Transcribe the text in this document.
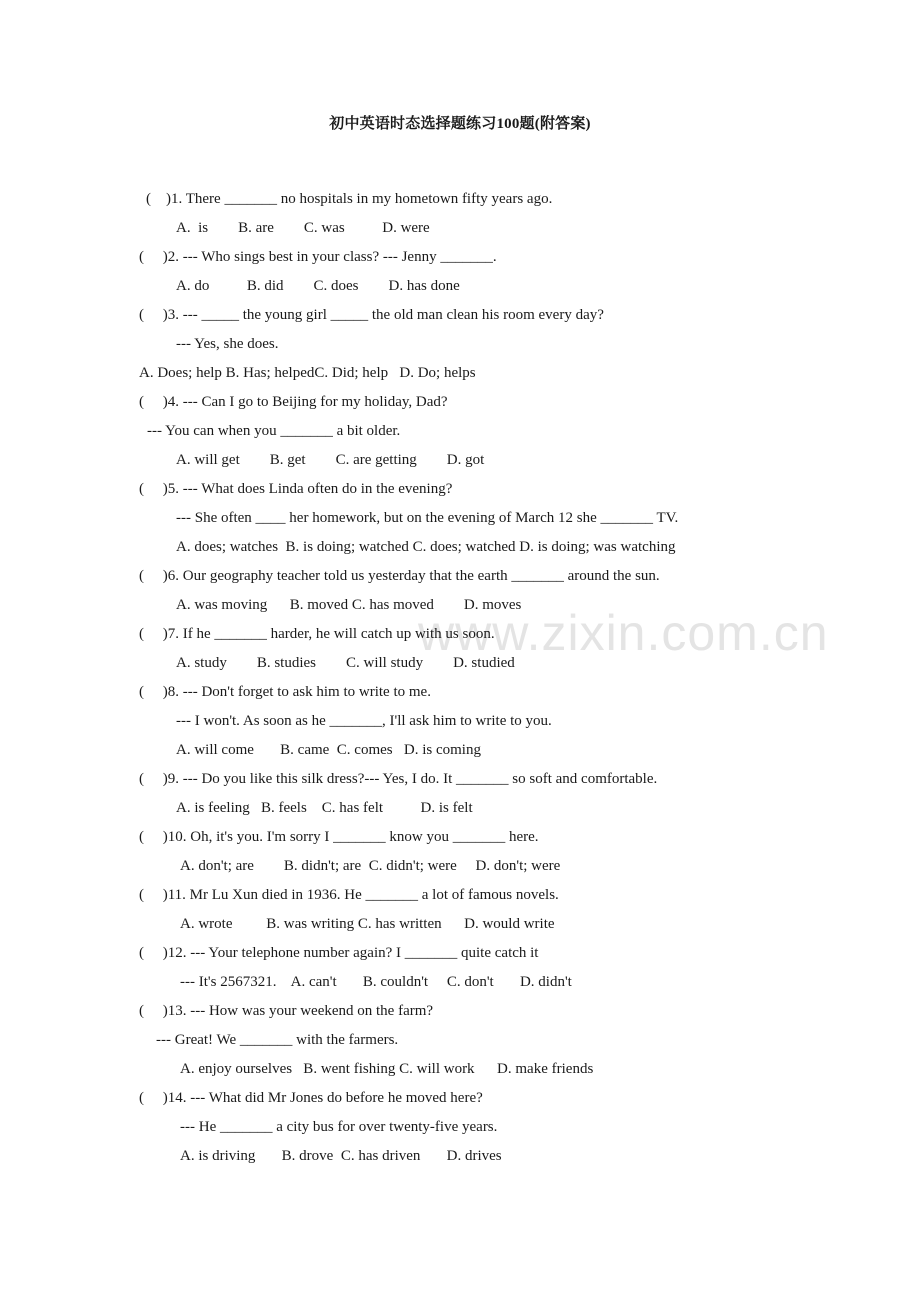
初中英语时态选择题练习100题(附答案)
www.zixin.com.cn
(    )1. There _______ no hospitals in my hometown fifty years ago.
A.  is        B. are        C. was          D. were
(     )2. --- Who sings best in your class? --- Jenny _______.
A. do          B. did        C. does        D. has done
(     )3. --- _____ the young girl _____ the old man clean his room every day?
--- Yes, she does.
A. Does; help B. Has; helpedC. Did; help   D. Do; helps
(     )4. --- Can I go to Beijing for my holiday, Dad?
--- You can when you _______ a bit older.
A. will get        B. get        C. are getting        D. got
(     )5. --- What does Linda often do in the evening?
--- She often ____ her homework, but on the evening of March 12 she _______ TV.
A. does; watches  B. is doing; watched C. does; watched D. is doing; was watching
(     )6. Our geography teacher told us yesterday that the earth _______ around the sun.
A. was moving      B. moved C. has moved        D. moves
(     )7. If he _______ harder, he will catch up with us soon.
A. study        B. studies        C. will study        D. studied
(     )8. --- Don't forget to ask him to write to me.
--- I won't. As soon as he _______, I'll ask him to write to you.
A. will come       B. came  C. comes   D. is coming
(     )9. --- Do you like this silk dress?--- Yes, I do. It _______ so soft and comfortable.
A. is feeling   B. feels    C. has felt          D. is felt
(     )10. Oh, it's you. I'm sorry I _______ know you _______ here.
A. don't; are        B. didn't; are  C. didn't; were     D. don't; were
(     )11. Mr Lu Xun died in 1936. He _______ a lot of famous novels.
A. wrote         B. was writing C. has written      D. would write
(     )12. --- Your telephone number again? I _______ quite catch it
--- It's 2567321.    A. can't       B. couldn't     C. don't       D. didn't
(     )13. --- How was your weekend on the farm?
--- Great! We _______ with the farmers.
A. enjoy ourselves   B. went fishing C. will work      D. make friends
(     )14. --- What did Mr Jones do before he moved here?
--- He _______ a city bus for over twenty-five years.
A. is driving       B. drove  C. has driven       D. drives
